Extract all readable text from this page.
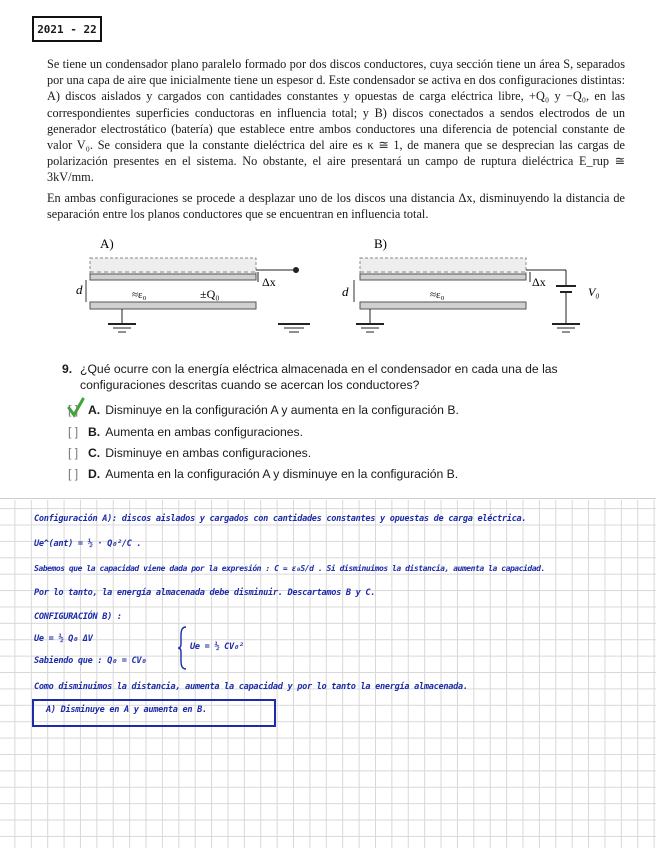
2021 - 22

Se tiene un condensador plano paralelo formado por dos discos conductores, cuya sección tiene un área S, separados por una capa de aire que inicialmente tiene un espesor d. Este condensador se activa en dos configuraciones distintas: A) discos aislados y cargados con cantidades constantes y opuestas de carga eléctrica libre, +Q₀ y −Q₀, en las correspondientes superficies conductoras en influencia total; y B) discos conectados a sendos electrodos de un generador electrostático (batería) que establece entre ambos conductores una diferencia de potencial constante de valor V₀. Se considera que la constante dieléctrica del aire es κ ≅ 1, de manera que se desprecian las cargas de polarización presentes en el sistema. No obstante, el aire presentará un campo de ruptura dieléctrica E_rup ≅ 3kV/mm.

En ambas configuraciones se procede a desplazar uno de los discos una distancia Δx, disminuyendo la distancia de separación entre los planos conductores que se encuentran en influencia total.

A)
d	Δx
≈ε₀	±Q₀
B)
d	V₀
Δx
≈ε₀
9. ¿Qué ocurre con la energía eléctrica almacenada en el condensador en cada una de las configuraciones descritas cuando se acercan los conductores?
[ ] A. Disminuye en la configuración A y aumenta en la configuración B.
[ ] B. Aumenta en ambas configuraciones.
[ ] C. Disminuye en ambas configuraciones.
[ ] D. Aumenta en la configuración A y disminuye en la configuración B.
Configuración A): discos aislados y cargados con cantidades constantes y opuestas de carga eléctrica.
Ue^(ant) = ½ · Q₀²/C .
Sabemos que la capacidad viene dada por la expresión : C = ε₀S/d . Si disminuimos la distancia, aumenta la capacidad.
Por lo tanto, la energía almacenada debe disminuir. Descartamos B y C.
CONFIGURACIÓN B) :
Ue = ½ Q₀ ΔV
Ue = ½ CV₀²
Sabiendo que : Q₀ = CV₀
Como disminuimos la distancia, aumenta la capacidad y por lo tanto la energía almacenada.
A) Disminuye en A y aumenta en B.
